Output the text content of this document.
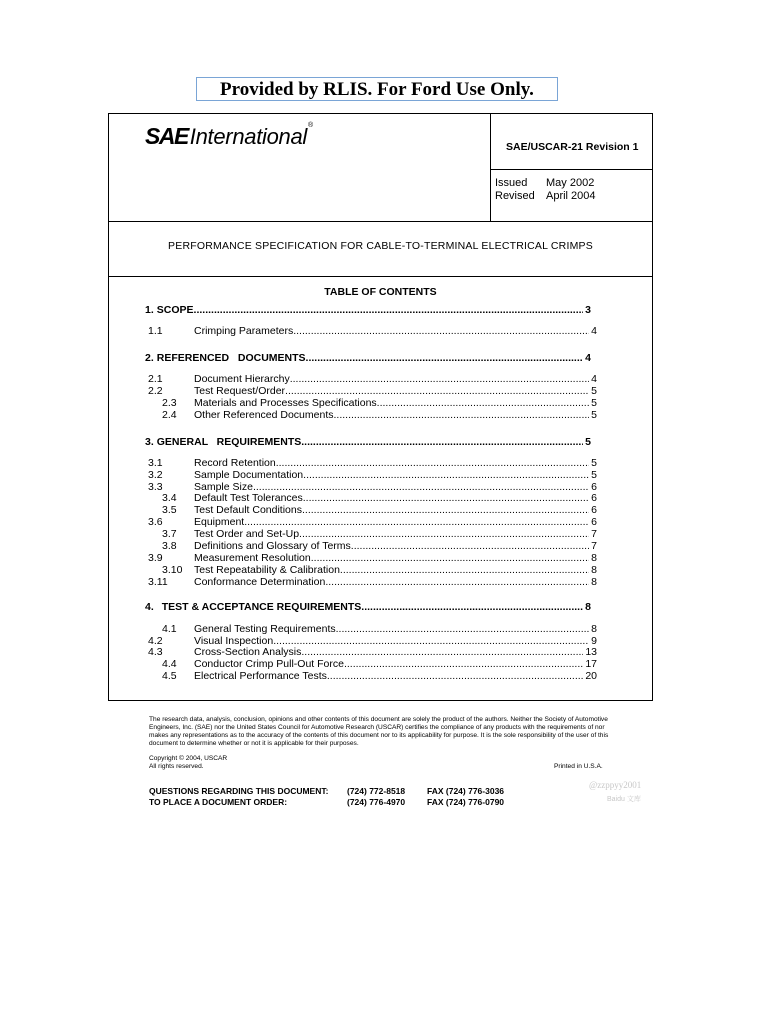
Provided by RLIS. For Ford Use Only.
SAE International ®
SAE/USCAR-21 Revision 1
Issued May 2002
Revised April 2004
PERFORMANCE SPECIFICATION FOR CABLE-TO-TERMINAL ELECTRICAL CRIMPS
TABLE OF CONTENTS
1. SCOPE .....	3
1.1	Crimping Parameters .....	4
2. REFERENCED   DOCUMENTS .....	4
2.1	Document Hierarchy .....	4
2.2	Test Request/Order .....	5
2.3	Materials and Processes Specifications .....	5
2.4	Other Referenced Documents .....	5
3. GENERAL   REQUIREMENTS .....	5
3.1	Record Retention .....	5
3.2	Sample Documentation .....	5
3.3	Sample Size .....	6
3.4	Default Test Tolerances .....	6
3.5	Test Default Conditions .....	6
3.6	Equipment .....	6
3.7	Test Order and Set-Up .....	7
3.8	Definitions and Glossary of Terms .....	7
3.9	Measurement Resolution .....	8
3.10	Test Repeatability & Calibration .....	8
3.11	Conformance Determination .....	8
4. TEST & ACCEPTANCE REQUIREMENTS .....	8
4.1	General Testing Requirements .....	8
4.2	Visual Inspection .....	9
4.3	Cross-Section Analysis .....	13
4.4	Conductor Crimp Pull-Out Force .....	17
4.5	Electrical Performance Tests .....	20
The research data, analysis, conclusion, opinions and other contents of this document are solely the product of the authors. Neither the Society of Automotive Engineers, Inc. (SAE) nor the United States Council for Automotive Research (USCAR) certifies the compliance of any products with the requirements of nor makes any representations as to the accuracy of the contents of this document nor to its applicability for purpose. It is the sole responsibility of the user of this document to determine whether or not it is applicable for their purposes.
Copyright © 2004, USCAR
All rights reserved.	Printed in U.S.A.
QUESTIONS REGARDING THIS DOCUMENT: (724) 772-8518	FAX (724) 776-3036
TO PLACE A DOCUMENT ORDER:	(724) 776-4970	FAX (724) 776-0790
@zzppyy2001
Baidu 文库
